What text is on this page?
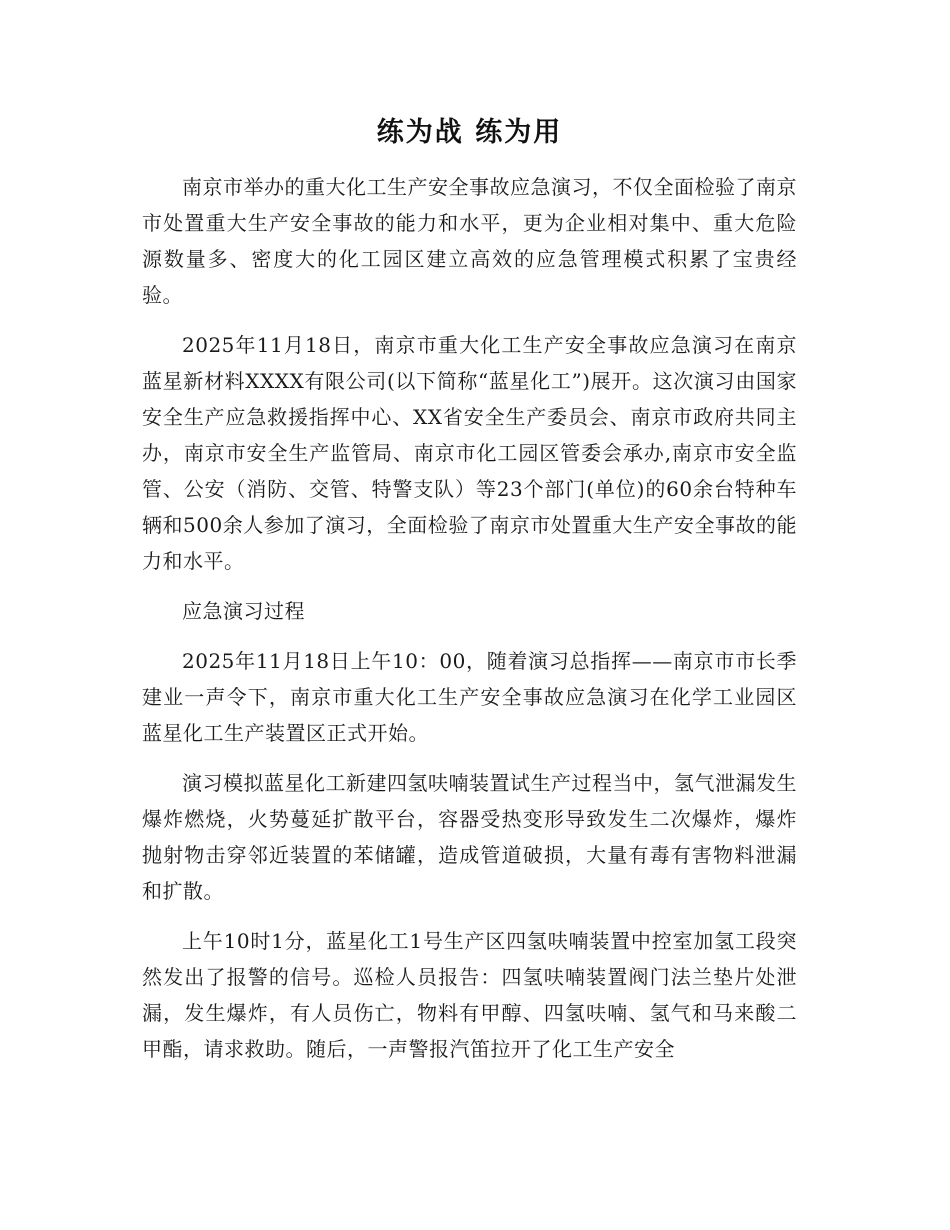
练为战 练为用

南京市举办的重大化工生产安全事故应急演习，不仅全面检验了南京市处置重大生产安全事故的能力和水平，更为企业相对集中、重大危险源数量多、密度大的化工园区建立高效的应急管理模式积累了宝贵经验。

2025年11月18日，南京市重大化工生产安全事故应急演习在南京蓝星新材料XXXX有限公司(以下简称“蓝星化工”)展开。这次演习由国家安全生产应急救援指挥中心、XX省安全生产委员会、南京市政府共同主办，南京市安全生产监管局、南京市化工园区管委会承办,南京市安全监管、公安（消防、交管、特警支队）等23个部门(单位)的60余台特种车辆和500余人参加了演习，全面检验了南京市处置重大生产安全事故的能力和水平。

应急演习过程

2025年11月18日上午10：00，随着演习总指挥——南京市市长季建业一声令下，南京市重大化工生产安全事故应急演习在化学工业园区蓝星化工生产装置区正式开始。

演习模拟蓝星化工新建四氢呋喃装置试生产过程当中，氢气泄漏发生爆炸燃烧，火势蔓延扩散平台，容器受热变形导致发生二次爆炸，爆炸抛射物击穿邻近装置的苯储罐，造成管道破损，大量有毒有害物料泄漏和扩散。

上午10时1分，蓝星化工1号生产区四氢呋喃装置中控室加氢工段突然发出了报警的信号。巡检人员报告：四氢呋喃装置阀门法兰垫片处泄漏，发生爆炸，有人员伤亡，物料有甲醇、四氢呋喃、氢气和马来酸二甲酯，请求救助。随后，一声警报汽笛拉开了化工生产安全
